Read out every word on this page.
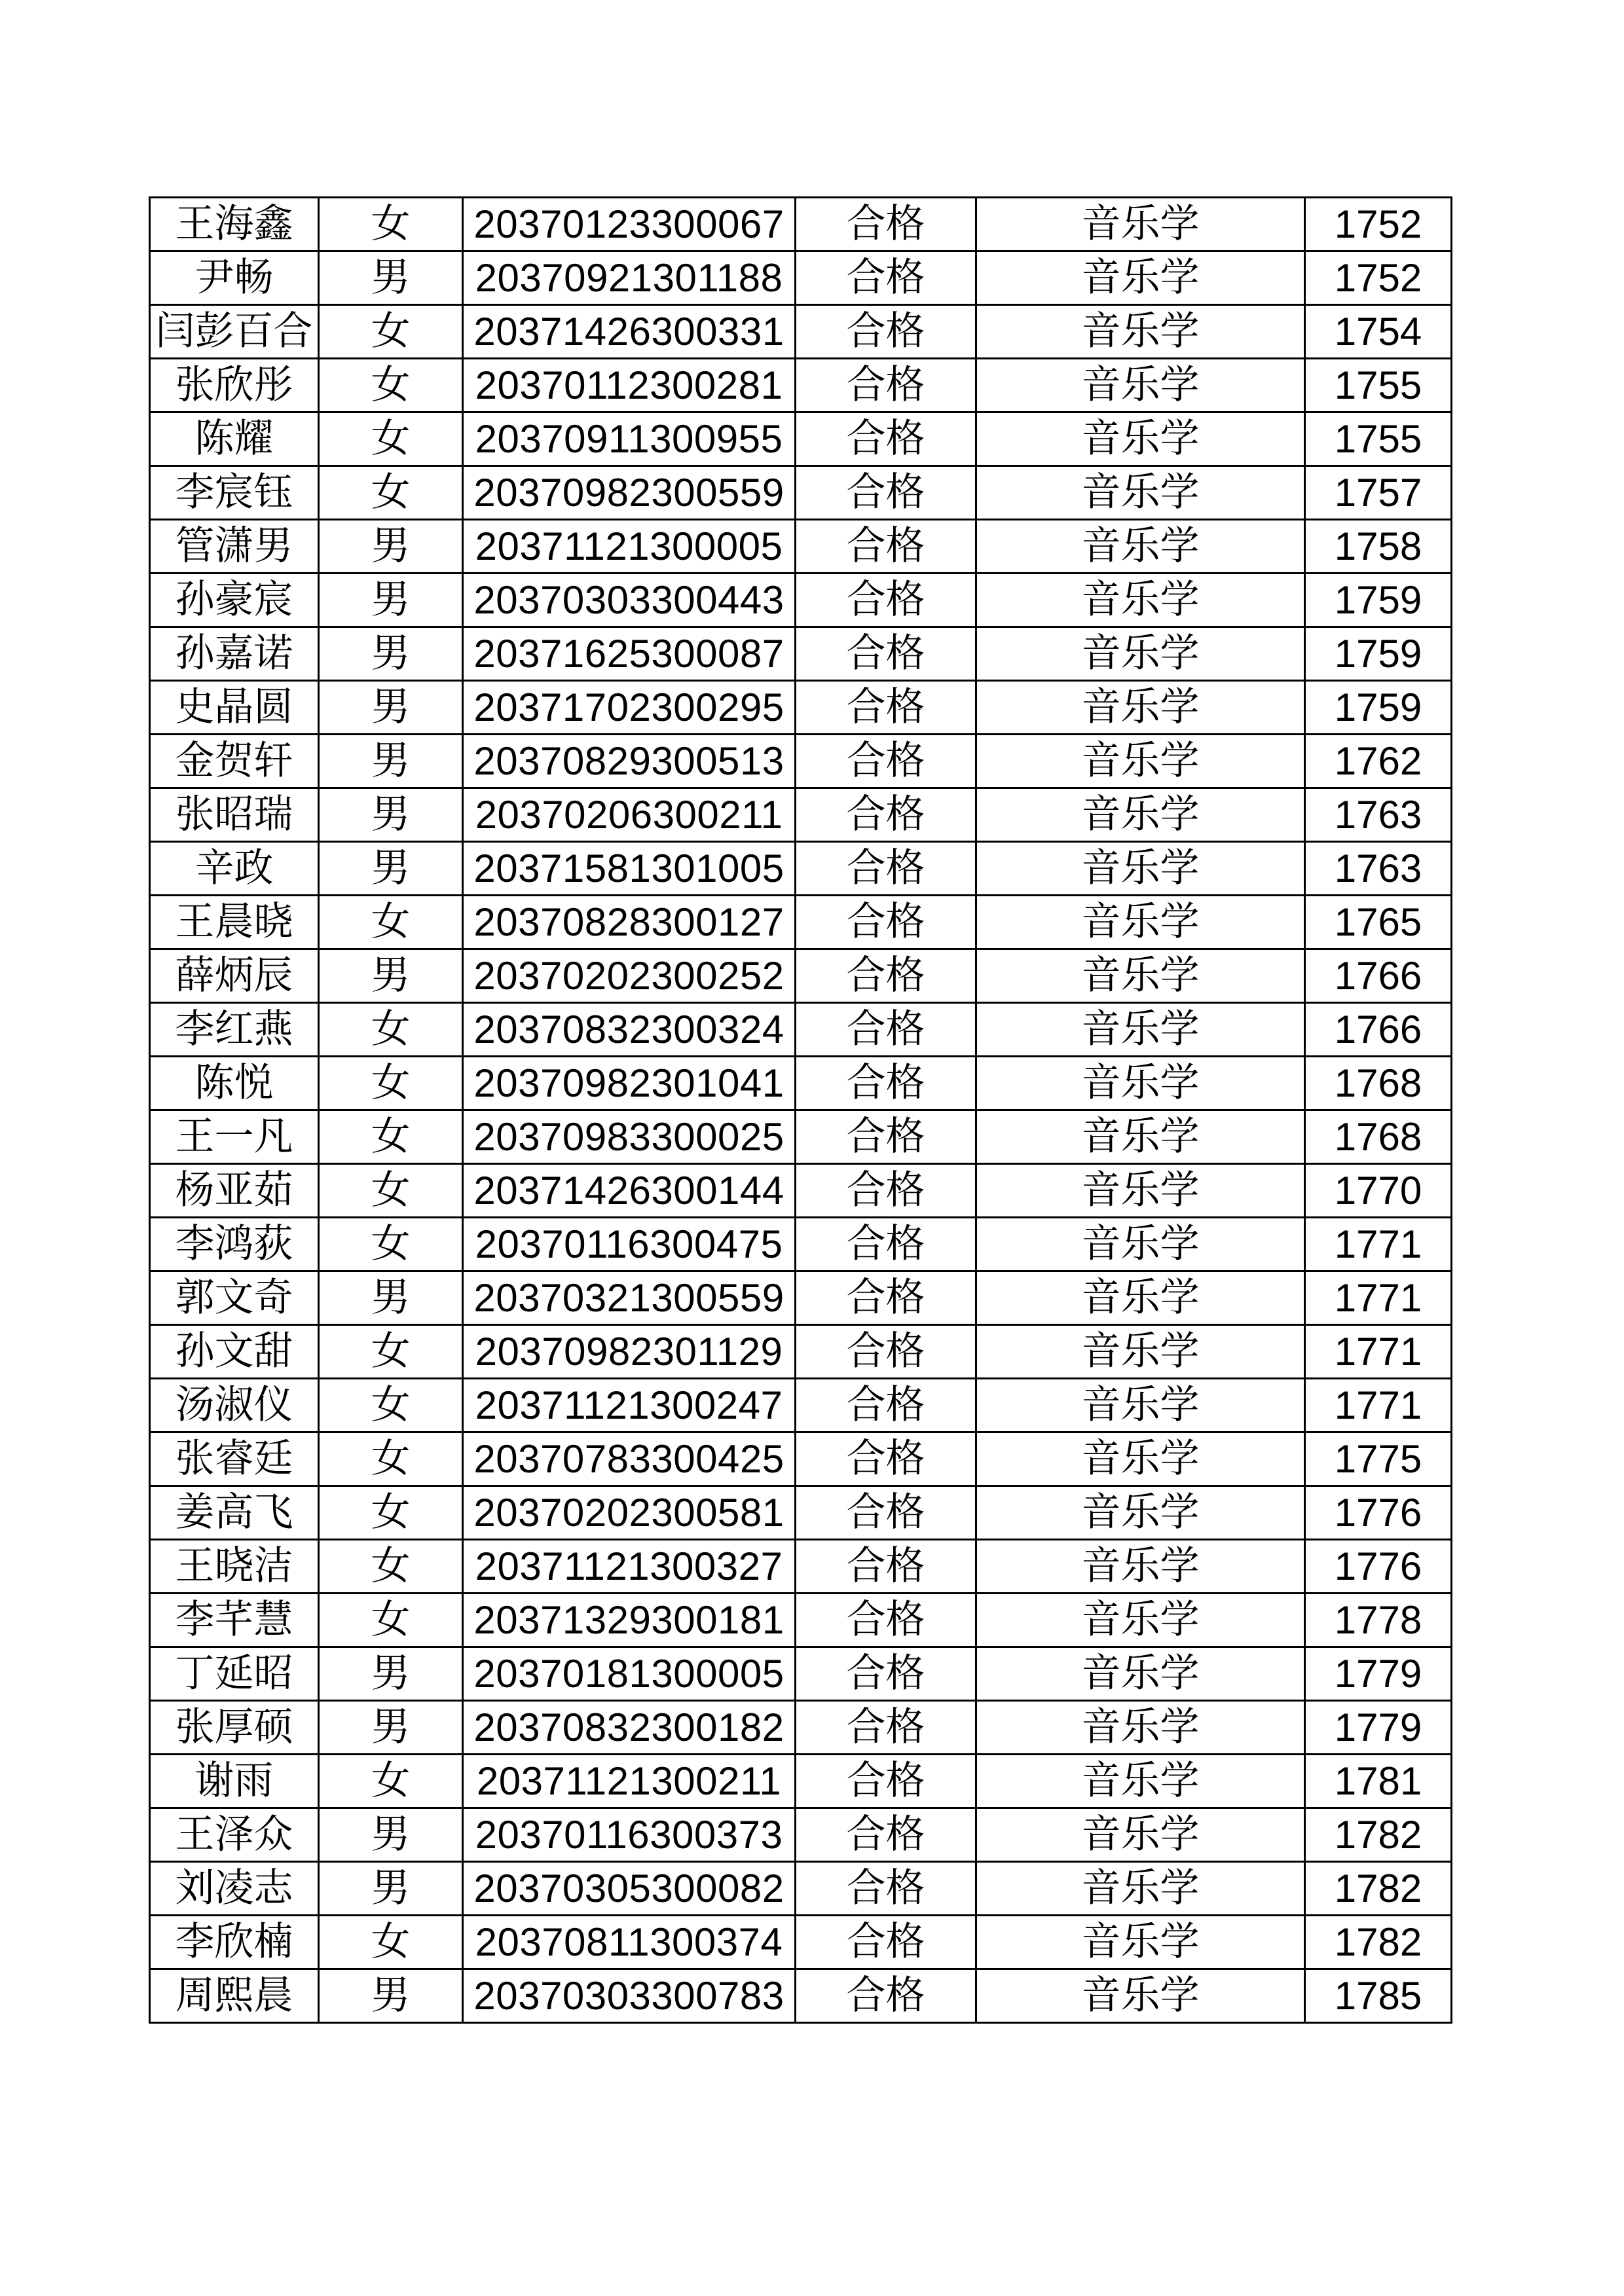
王海鑫	女	20370123300067	合格	音乐学	1752
尹畅	男	20370921301188	合格	音乐学	1752
闫彭百合	女	20371426300331	合格	音乐学	1754
张欣彤	女	20370112300281	合格	音乐学	1755
陈耀	女	20370911300955	合格	音乐学	1755
李宸钰	女	20370982300559	合格	音乐学	1757
管潇男	男	20371121300005	合格	音乐学	1758
孙豪宸	男	20370303300443	合格	音乐学	1759
孙嘉诺	男	20371625300087	合格	音乐学	1759
史晶圆	男	20371702300295	合格	音乐学	1759
金贺轩	男	20370829300513	合格	音乐学	1762
张昭瑞	男	20370206300211	合格	音乐学	1763
辛政	男	20371581301005	合格	音乐学	1763
王晨晓	女	20370828300127	合格	音乐学	1765
薛炳辰	男	20370202300252	合格	音乐学	1766
李红燕	女	20370832300324	合格	音乐学	1766
陈悦	女	20370982301041	合格	音乐学	1768
王一凡	女	20370983300025	合格	音乐学	1768
杨亚茹	女	20371426300144	合格	音乐学	1770
李鸿荻	女	20370116300475	合格	音乐学	1771
郭文奇	男	20370321300559	合格	音乐学	1771
孙文甜	女	20370982301129	合格	音乐学	1771
汤淑仪	女	20371121300247	合格	音乐学	1771
张睿廷	女	20370783300425	合格	音乐学	1775
姜高飞	女	20370202300581	合格	音乐学	1776
王晓洁	女	20371121300327	合格	音乐学	1776
李芊慧	女	20371329300181	合格	音乐学	1778
丁延昭	男	20370181300005	合格	音乐学	1779
张厚硕	男	20370832300182	合格	音乐学	1779
谢雨	女	20371121300211	合格	音乐学	1781
王泽众	男	20370116300373	合格	音乐学	1782
刘凌志	男	20370305300082	合格	音乐学	1782
李欣楠	女	20370811300374	合格	音乐学	1782
周熙晨	男	20370303300783	合格	音乐学	1785
